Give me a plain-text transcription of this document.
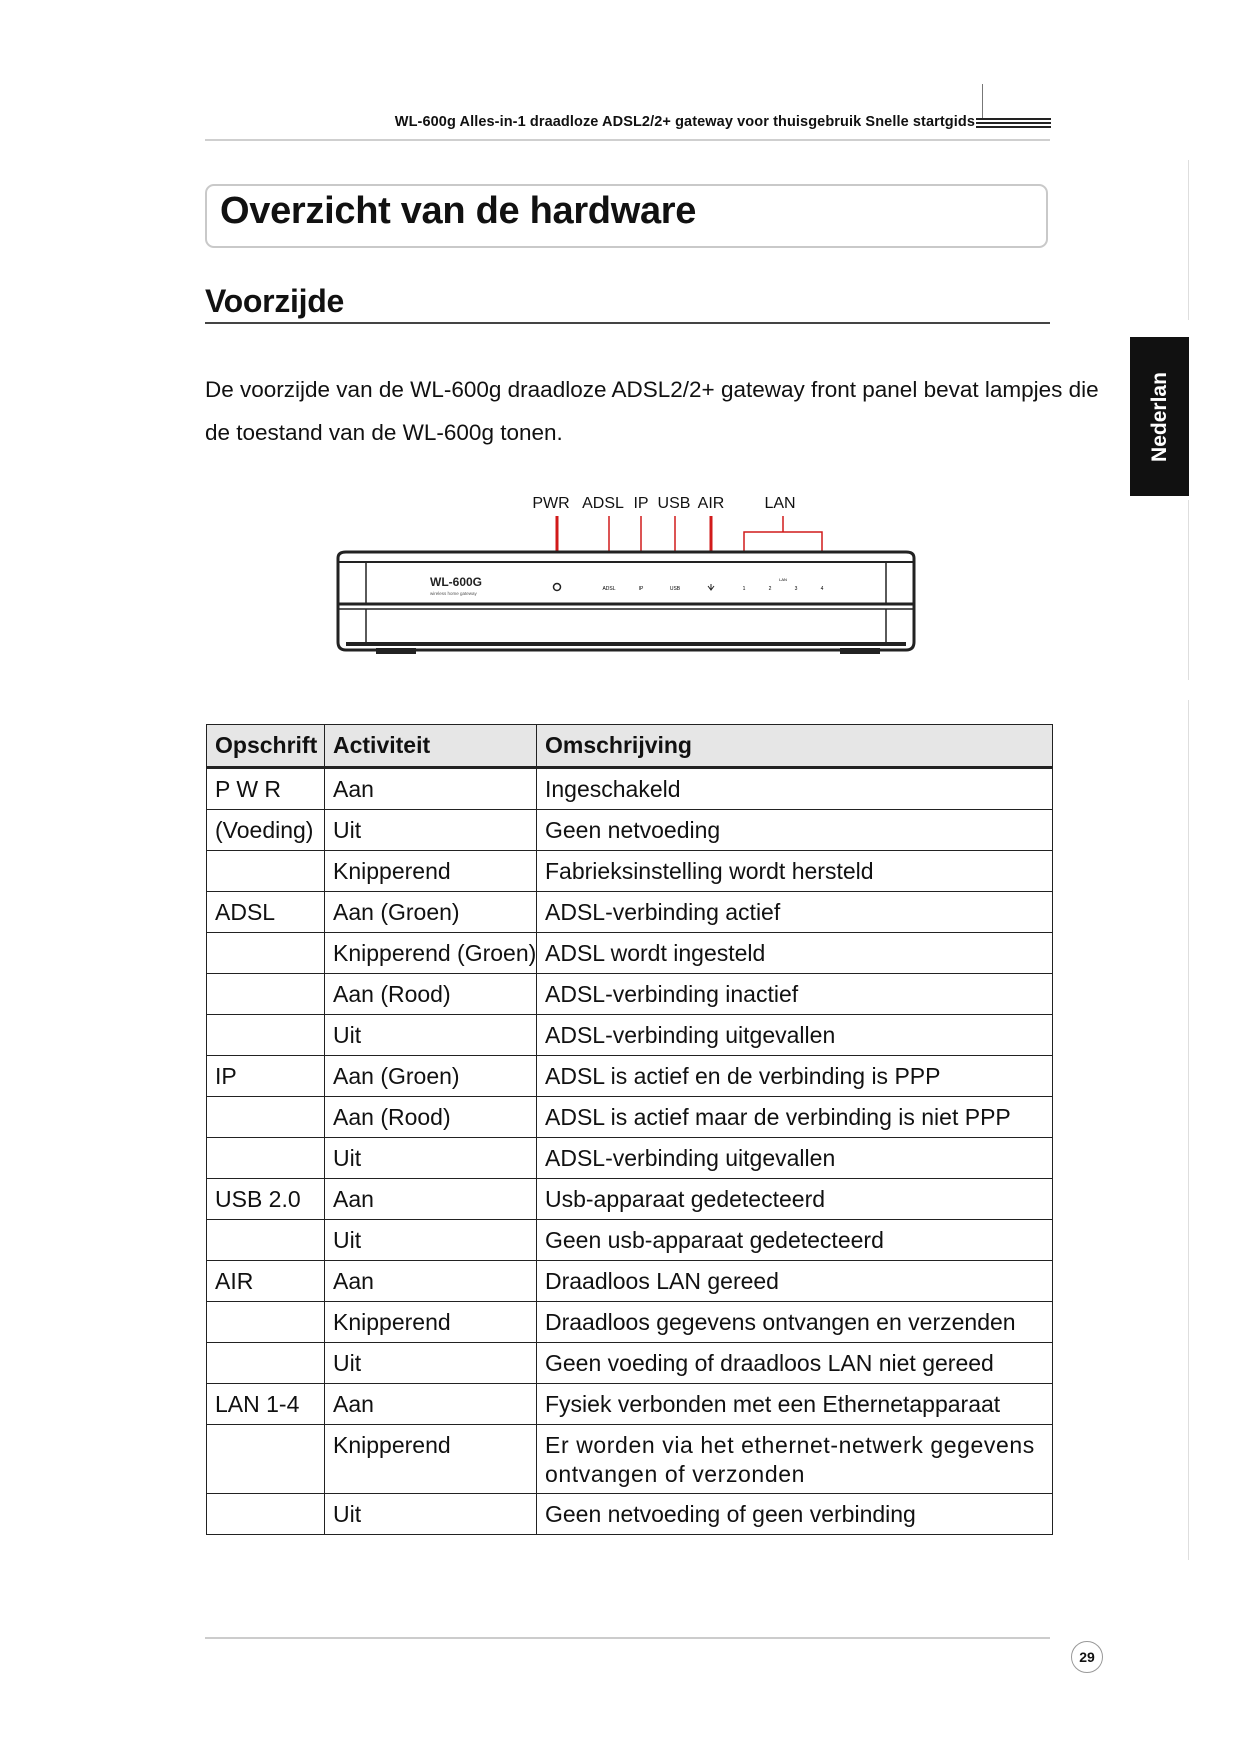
WL-600g Alles-in-1 draadloze ADSL2/2+ gateway voor thuisgebruik Snelle startgids
Overzicht van de hardware
Voorzijde
De voorzijde van de WL-600g draadloze ADSL2/2+ gateway front panel bevat lampjes die de toestand van de WL-600g tonen.	Nederlan
PWR ADSL IP USB AIR	LAN
WL-600G
wireless home gateway
ADSL	IP	USB	1	2	3	4
LAN
Opschrift	Activiteit	Omschrijving
P W R	Aan	Ingeschakeld
(Voeding)	Uit	Geen netvoeding
	Knipperend	Fabrieksinstelling wordt hersteld
ADSL	Aan (Groen)	ADSL-verbinding actief
	Knipperend (Groen)	ADSL wordt ingesteld
	Aan (Rood)	ADSL-verbinding inactief
	Uit	ADSL-verbinding uitgevallen
IP	Aan (Groen)	ADSL is actief en de verbinding is PPP
	Aan (Rood)	ADSL is actief maar de verbinding is niet PPP
	Uit	ADSL-verbinding uitgevallen
USB 2.0	Aan	Usb-apparaat gedetecteerd
	Uit	Geen usb-apparaat gedetecteerd
AIR	Aan	Draadloos LAN gereed
	Knipperend	Draadloos gegevens ontvangen en verzenden
	Uit	Geen voeding of draadloos LAN niet gereed
LAN 1-4	Aan	Fysiek verbonden met een Ethernetapparaat
	Knipperend	Er worden via het ethernet-netwerk gegevens ontvangen of verzonden
	Uit	Geen netvoeding of geen verbinding
29
